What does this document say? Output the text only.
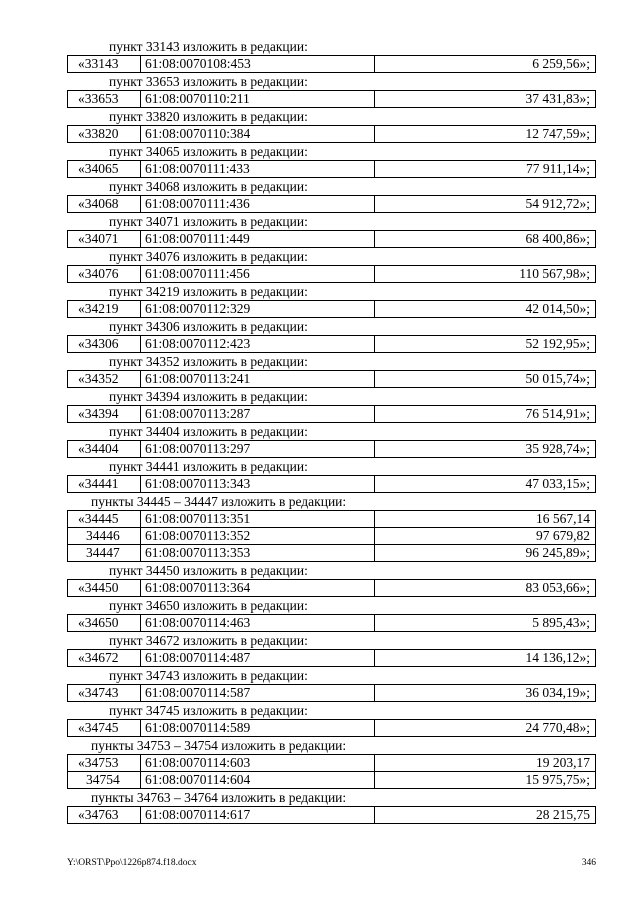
пункт 33143 изложить в редакции:
«33143	61:08:0070108:453	6 259,56»;
пункт 33653 изложить в редакции:
«33653	61:08:0070110:211	37 431,83»;
пункт 33820 изложить в редакции:
«33820	61:08:0070110:384	12 747,59»;
пункт 34065 изложить в редакции:
«34065	61:08:0070111:433	77 911,14»;
пункт 34068 изложить в редакции:
«34068	61:08:0070111:436	54 912,72»;
пункт 34071 изложить в редакции:
«34071	61:08:0070111:449	68 400,86»;
пункт 34076 изложить в редакции:
«34076	61:08:0070111:456	110 567,98»;
пункт 34219 изложить в редакции:
«34219	61:08:0070112:329	42 014,50»;
пункт 34306 изложить в редакции:
«34306	61:08:0070112:423	52 192,95»;
пункт 34352 изложить в редакции:
«34352	61:08:0070113:241	50 015,74»;
пункт 34394 изложить в редакции:
«34394	61:08:0070113:287	76 514,91»;
пункт 34404 изложить в редакции:
«34404	61:08:0070113:297	35 928,74»;
пункт 34441 изложить в редакции:
«34441	61:08:0070113:343	47 033,15»;
пункты 34445 – 34447 изложить в редакции:
«34445	61:08:0070113:351	16 567,14
34446	61:08:0070113:352	97 679,82
34447	61:08:0070113:353	96 245,89»;
пункт 34450 изложить в редакции:
«34450	61:08:0070113:364	83 053,66»;
пункт 34650 изложить в редакции:
«34650	61:08:0070114:463	5 895,43»;
пункт 34672 изложить в редакции:
«34672	61:08:0070114:487	14 136,12»;
пункт 34743 изложить в редакции:
«34743	61:08:0070114:587	36 034,19»;
пункт 34745 изложить в редакции:
«34745	61:08:0070114:589	24 770,48»;
пункты 34753 – 34754 изложить в редакции:
«34753	61:08:0070114:603	19 203,17
34754	61:08:0070114:604	15 975,75»;
пункты 34763 – 34764 изложить в редакции:
«34763	61:08:0070114:617	28 215,75
Y:\ORST\Ppo\1226p874.f18.docx	346
